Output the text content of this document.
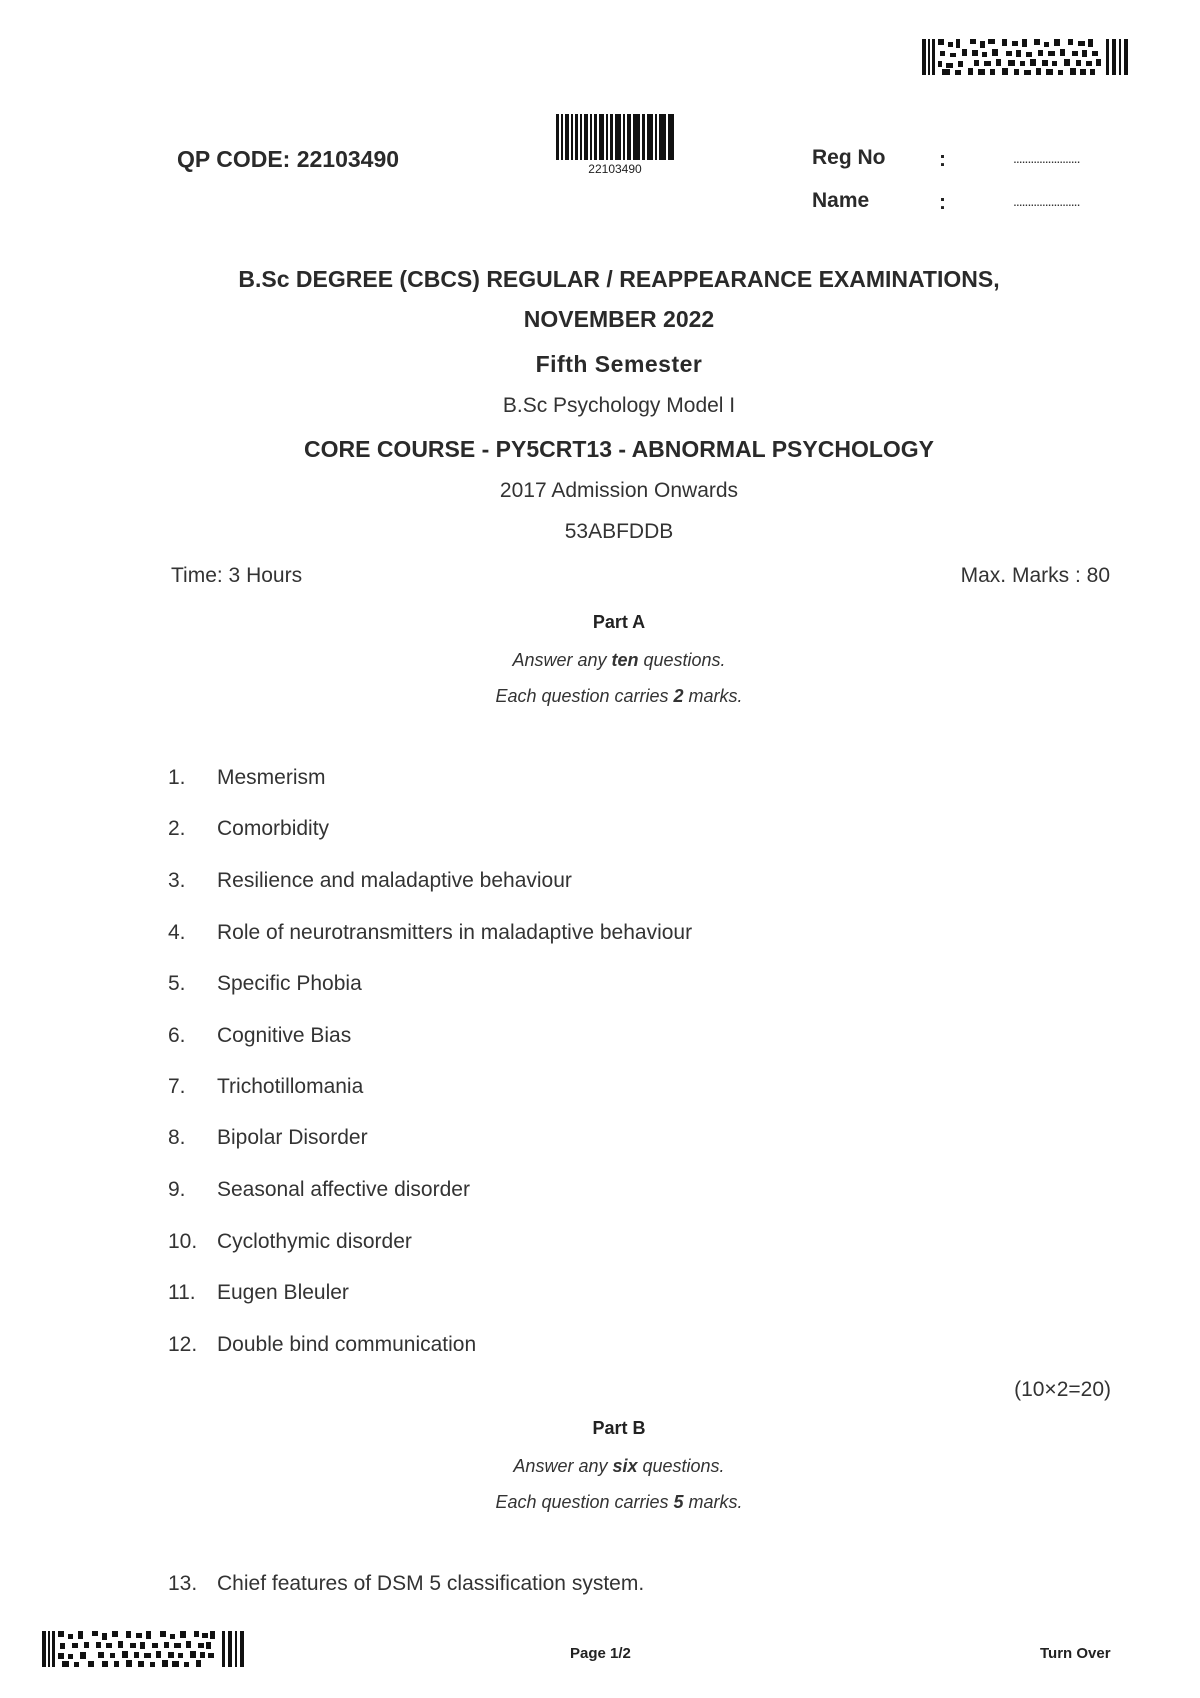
QP CODE: 22103490	22103490	Reg No	:	.......................
Name	:	.......................
B.Sc DEGREE (CBCS) REGULAR / REAPPEARANCE EXAMINATIONS,
NOVEMBER 2022
Fifth Semester
B.Sc Psychology Model I
CORE COURSE - PY5CRT13 - ABNORMAL PSYCHOLOGY
2017 Admission Onwards
53ABFDDB
Time: 3 Hours	Max. Marks : 80
Part A
Answer any ten questions.
Each question carries 2 marks.
1. Mesmerism
2. Comorbidity
3. Resilience and maladaptive behaviour
4. Role of neurotransmitters in maladaptive behaviour
5. Specific Phobia
6. Cognitive Bias
7. Trichotillomania
8. Bipolar Disorder
9. Seasonal affective disorder
10. Cyclothymic disorder
11. Eugen Bleuler
12. Double bind communication
(10×2=20)
Part B
Answer any six questions.
Each question carries 5 marks.
13. Chief features of DSM 5 classification system.
Page 1/2	Turn Over
